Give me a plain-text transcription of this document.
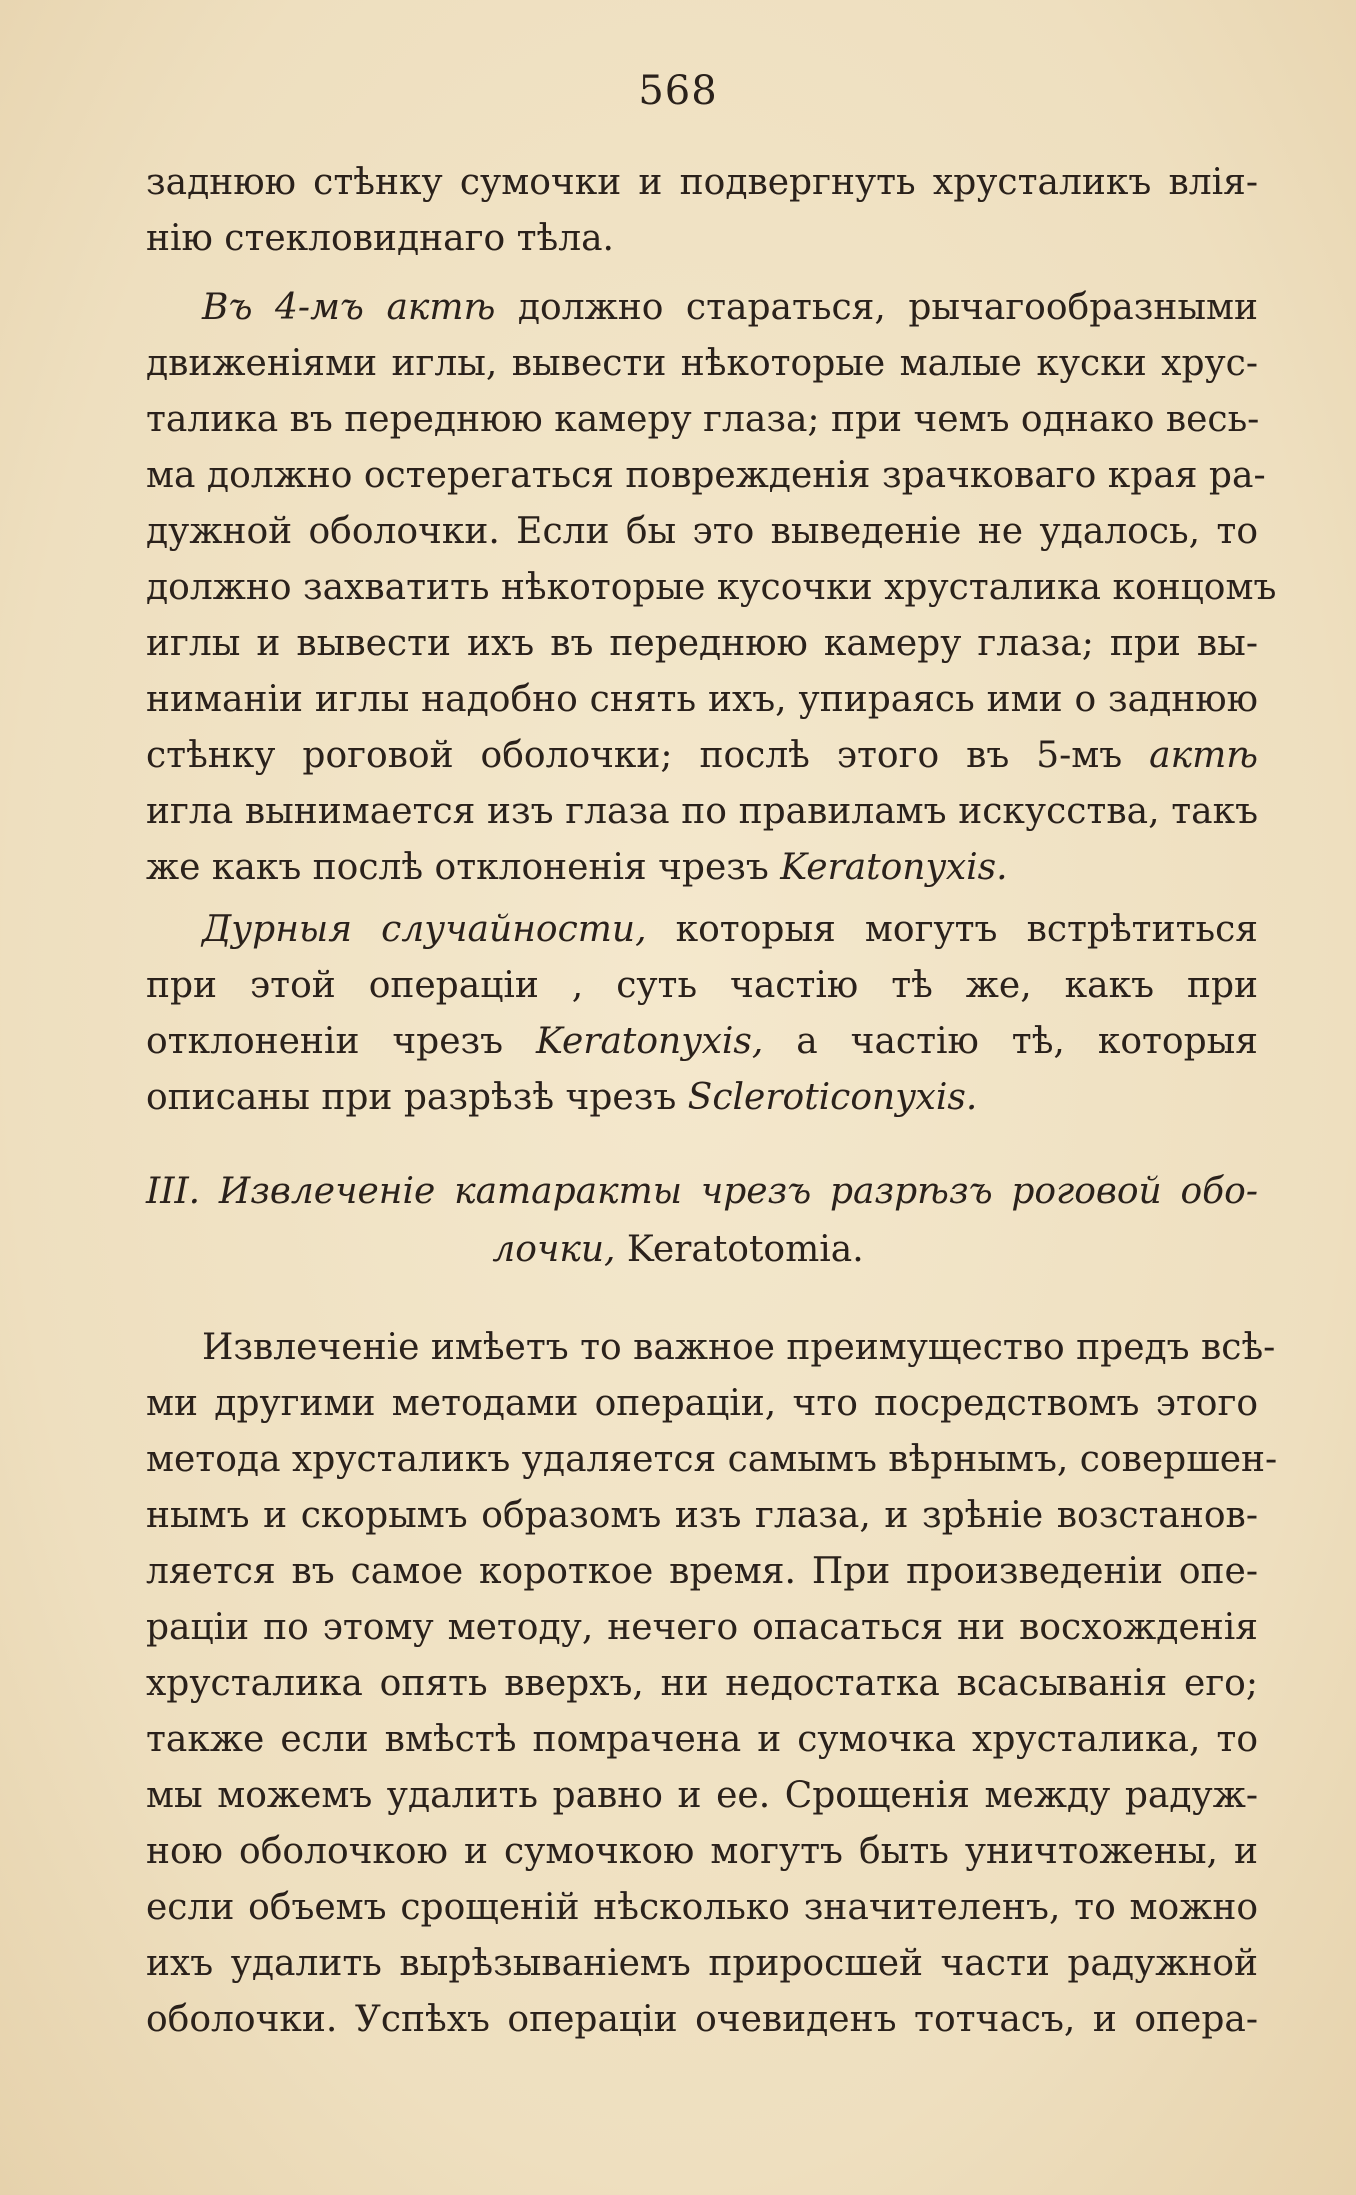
568
заднюю стѣнку сумочки и подвергнуть хрусталикъ влія-
нію стекловиднаго тѣла.
Въ 4-мъ актѣ должно стараться, рычагообразными
движеніями иглы, вывести нѣкоторые малые куски хрус-
талика въ переднюю камеру глаза; при чемъ однако весь-
ма должно остерегаться поврежденія зрачковаго края ра-
дужной оболочки. Если бы это выведеніе не удалось, то
должно захватить нѣкоторые кусочки хрусталика концомъ
иглы и вывести ихъ въ переднюю камеру глаза; при вы-
ниманіи иглы надобно снять ихъ, упираясь ими о заднюю
стѣнку роговой оболочки; послѣ этого въ 5-мъ актѣ
игла вынимается изъ глаза по правиламъ искусства, такъ
же какъ послѣ отклоненія чрезъ Keratonyxis.
Дурныя случайности, которыя могутъ встрѣтиться
при этой операціи , суть частію тѣ же, какъ при
отклоненіи чрезъ Keratonyxis, а частію тѣ, которыя
описаны при разрѣзѣ чрезъ Scleroticonyxis.
III. Извлеченіе катаракты чрезъ разрѣзъ роговой обо-
лочки, Keratotomia.
Извлеченіе имѣетъ то важное преимущество предъ всѣ-
ми другими методами операціи, что посредствомъ этого
метода хрусталикъ удаляется самымъ вѣрнымъ, совершен-
нымъ и скорымъ образомъ изъ глаза, и зрѣніе возстанов-
ляется въ самое короткое время. При произведеніи опе-
раціи по этому методу, нечего опасаться ни восхожденія
хрусталика опять вверхъ, ни недостатка всасыванія его;
также если вмѣстѣ помрачена и сумочка хрусталика, то
мы можемъ удалить равно и ее. Срощенія между радуж-
ною оболочкою и сумочкою могутъ быть уничтожены, и
если объемъ срощеній нѣсколько значителенъ, то можно
ихъ удалить вырѣзываніемъ приросшей части радужной
оболочки. Успѣхъ операціи очевиденъ тотчасъ, и опера-
